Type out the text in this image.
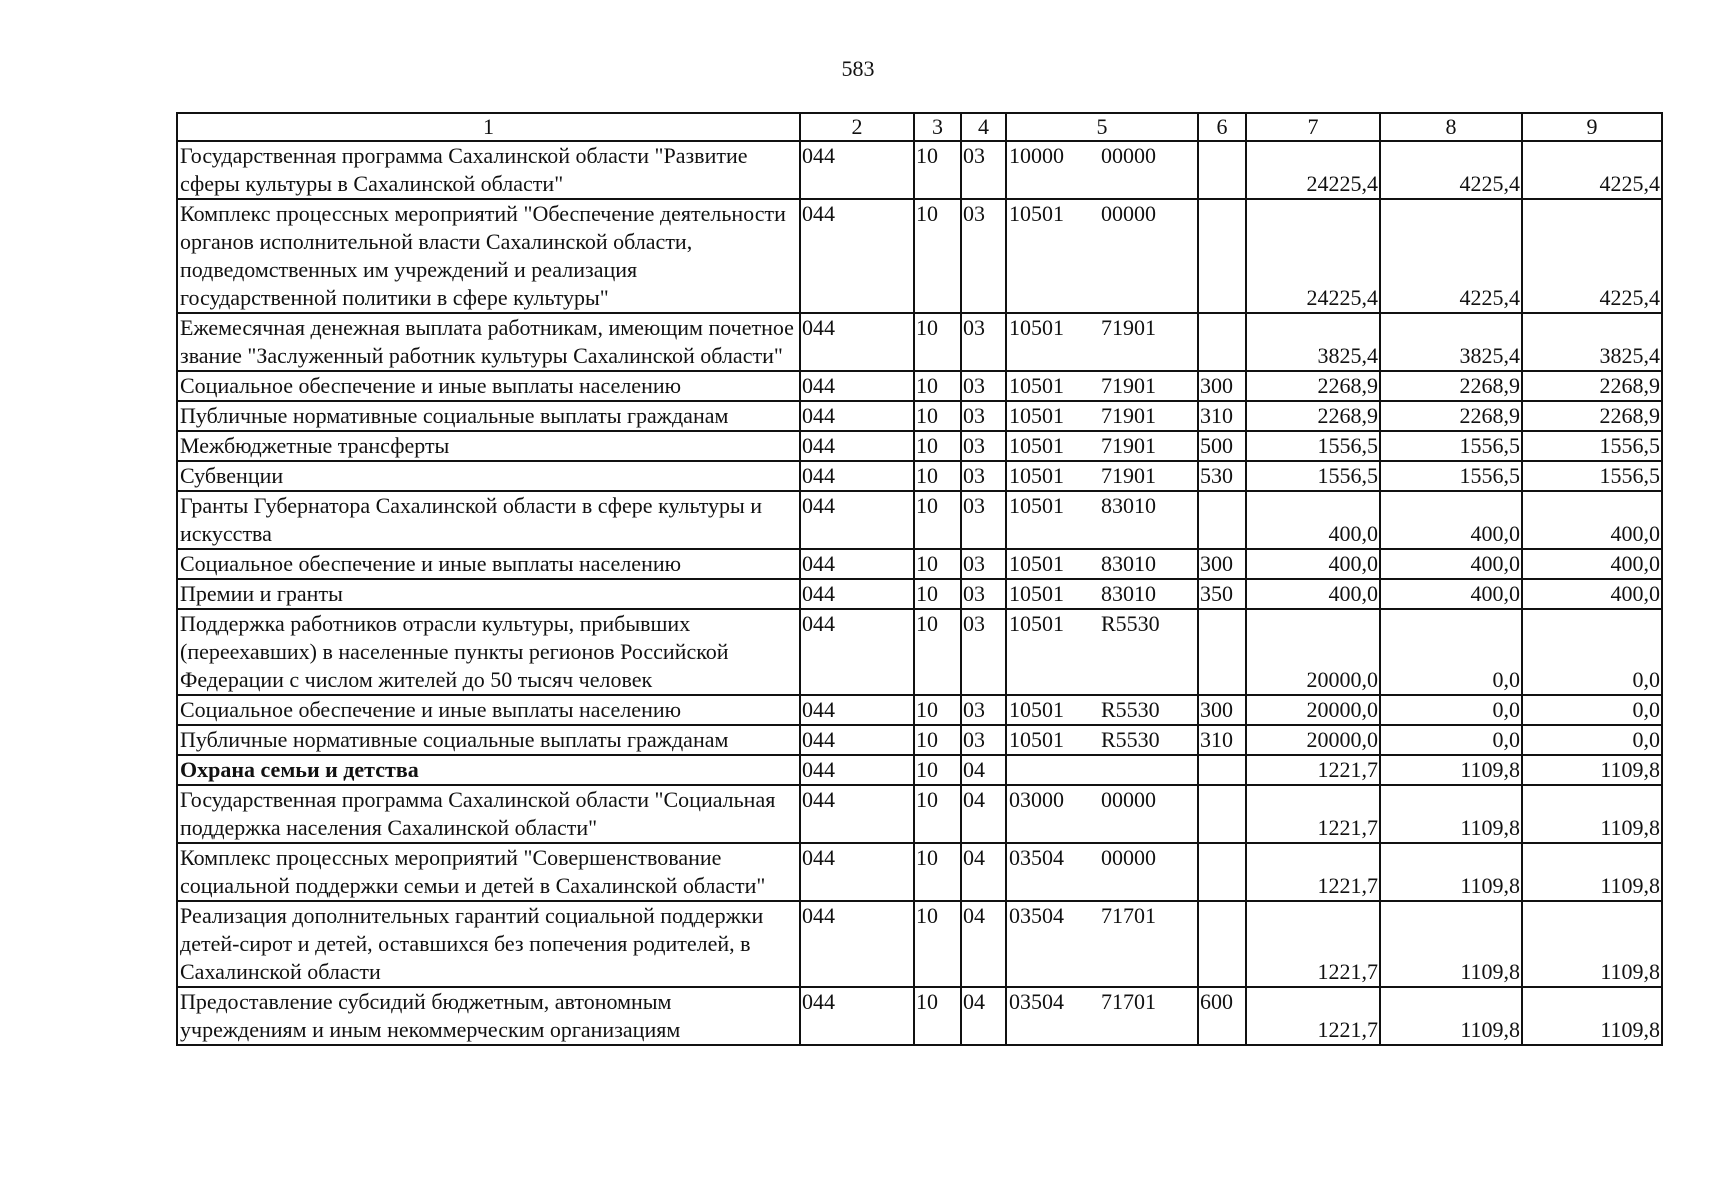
583
1	2	3	4	5		6	7	8	9
Государственная программа Сахалинской области "Развитие сферы культуры в Сахалинской области"	044	10	03	10000	00000		24225,4	4225,4	4225,4
Комплекс процессных мероприятий "Обеспечение деятельности органов исполнительной власти Сахалинской области, подведомственных им учреждений и реализация государственной политики в сфере культуры"	044	10	03	10501	00000		24225,4	4225,4	4225,4
Ежемесячная денежная выплата работникам, имеющим почетное звание "Заслуженный работник культуры Сахалинской области"	044	10	03	10501	71901		3825,4	3825,4	3825,4
Социальное обеспечение и иные выплаты населению	044	10	03	10501	71901	300	2268,9	2268,9	2268,9
Публичные нормативные социальные выплаты гражданам	044	10	03	10501	71901	310	2268,9	2268,9	2268,9
Межбюджетные трансферты	044	10	03	10501	71901	500	1556,5	1556,5	1556,5
Субвенции	044	10	03	10501	71901	530	1556,5	1556,5	1556,5
Гранты Губернатора Сахалинской области в сфере культуры и искусства	044	10	03	10501	83010		400,0	400,0	400,0
Социальное обеспечение и иные выплаты населению	044	10	03	10501	83010	300	400,0	400,0	400,0
Премии и гранты	044	10	03	10501	83010	350	400,0	400,0	400,0
Поддержка работников отрасли культуры, прибывших (переехавших) в населенные пункты регионов Российской Федерации с числом жителей до 50 тысяч человек	044	10	03	10501	R5530		20000,0	0,0	0,0
Социальное обеспечение и иные выплаты населению	044	10	03	10501	R5530	300	20000,0	0,0	0,0
Публичные нормативные социальные выплаты гражданам	044	10	03	10501	R5530	310	20000,0	0,0	0,0
Охрана семьи и детства	044	10	04				1221,7	1109,8	1109,8
Государственная программа Сахалинской области "Социальная поддержка населения Сахалинской области"	044	10	04	03000	00000		1221,7	1109,8	1109,8
Комплекс процессных мероприятий "Совершенствование социальной поддержки семьи и детей в Сахалинской области"	044	10	04	03504	00000		1221,7	1109,8	1109,8
Реализация дополнительных гарантий социальной поддержки детей-сирот и детей, оставшихся без попечения родителей, в Сахалинской области	044	10	04	03504	71701		1221,7	1109,8	1109,8
Предоставление субсидий бюджетным, автономным учреждениям и иным некоммерческим организациям	044	10	04	03504	71701	600	1221,7	1109,8	1109,8
